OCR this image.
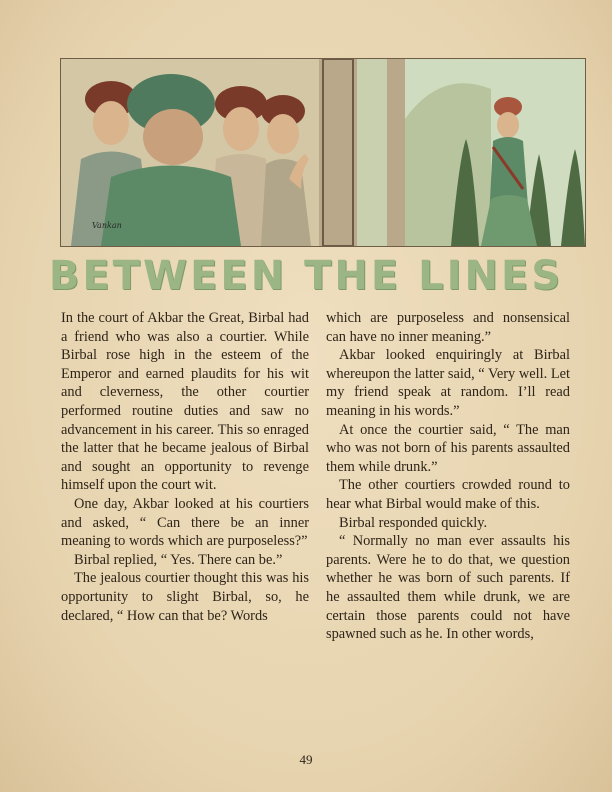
Vankan
BETWEEN THE LINES

In the court of Akbar the Great, Birbal had a friend who was also a courtier. While Birbal rose high in the esteem of the Emperor and earned plaudits for his wit and cleverness, the other courtier performed routine duties and saw no advancement in his career. This so enraged the latter that he became jealous of Birbal and sought an opportunity to revenge himself upon the court wit.

One day, Akbar looked at his courtiers and asked, “ Can there be an inner meaning to words which are purposeless?”

Birbal replied, “ Yes. There can be.”

The jealous courtier thought this was his opportunity to slight Birbal, so, he declared, “ How can that be? Words

which are purposeless and nonsensical can have no inner meaning.”

Akbar looked enquiringly at Birbal whereupon the latter said, “ Very well. Let my friend speak at random. I’ll read meaning in his words.”

At once the courtier said, “ The man who was not born of his parents assaulted them while drunk.”

The other courtiers crowded round to hear what Birbal would make of this.

Birbal responded quickly.

“ Normally no man ever assaults his parents. Were he to do that, we question whether he was born of such parents. If he assaulted them while drunk, we are certain those parents could not have spawned such as he. In other words,

49
